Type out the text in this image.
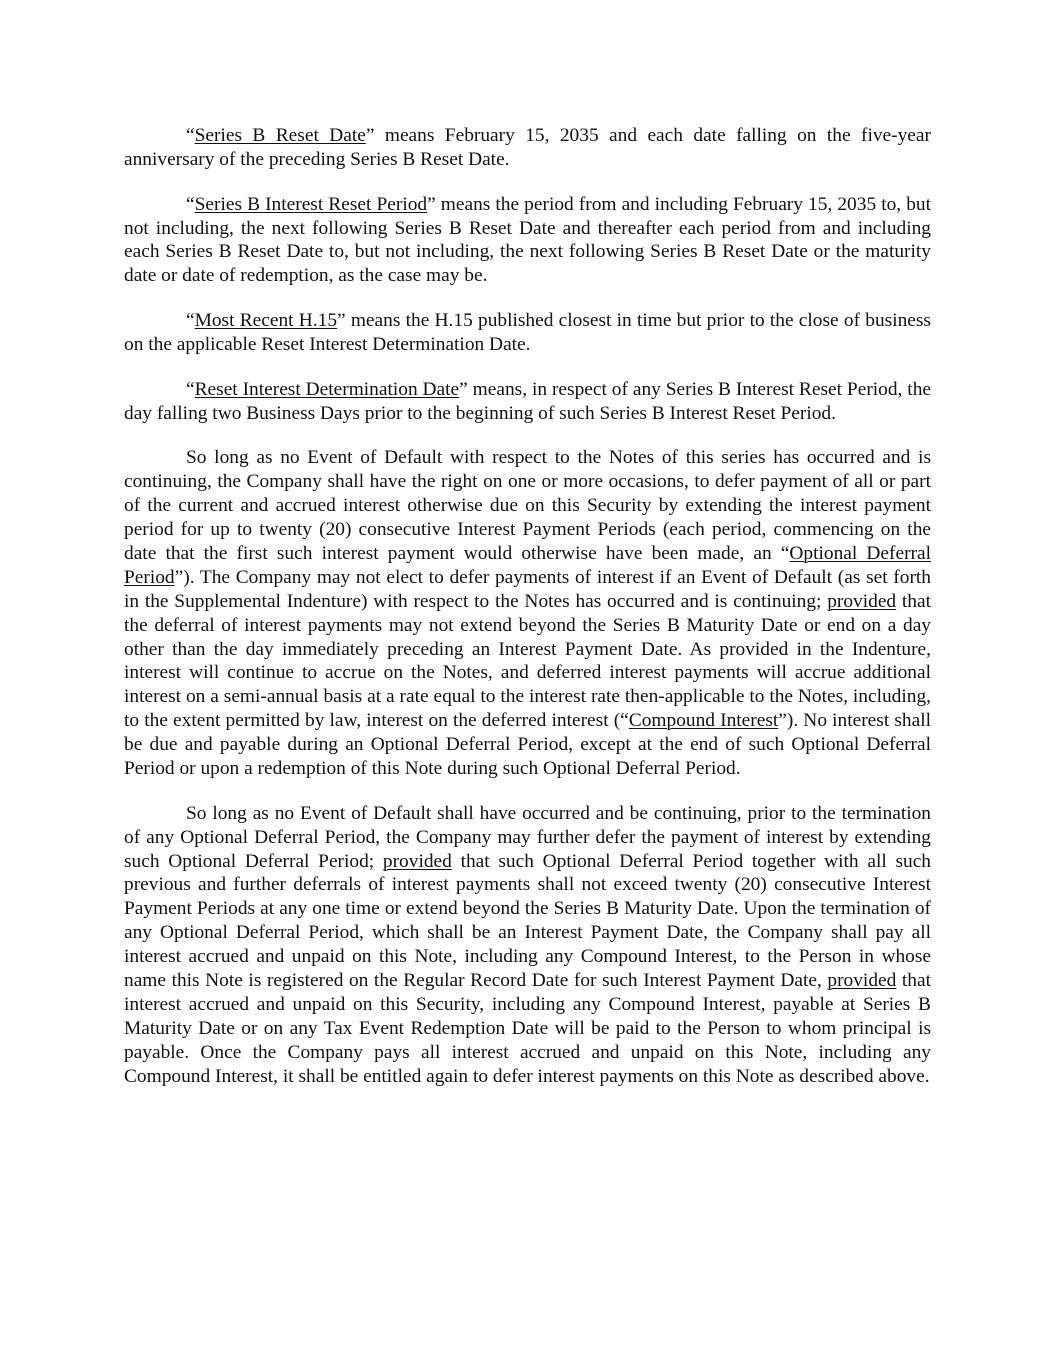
“Series B Reset Date” means February 15, 2035 and each date falling on the five-year anniversary of the preceding Series B Reset Date.

“Series B Interest Reset Period” means the period from and including February 15, 2035 to, but not including, the next following Series B Reset Date and thereafter each period from and including each Series B Reset Date to, but not including, the next following Series B Reset Date or the maturity date or date of redemption, as the case may be.

“Most Recent H.15” means the H.15 published closest in time but prior to the close of business on the applicable Reset Interest Determination Date.

“Reset Interest Determination Date” means, in respect of any Series B Interest Reset Period, the day falling two Business Days prior to the beginning of such Series B Interest Reset Period.

So long as no Event of Default with respect to the Notes of this series has occurred and is continuing, the Company shall have the right on one or more occasions, to defer payment of all or part of the current and accrued interest otherwise due on this Security by extending the interest payment period for up to twenty (20) consecutive Interest Payment Periods (each period, commencing on the date that the first such interest payment would otherwise have been made, an “Optional Deferral Period”). The Company may not elect to defer payments of interest if an Event of Default (as set forth in the Supplemental Indenture) with respect to the Notes has occurred and is continuing; provided that the deferral of interest payments may not extend beyond the Series B Maturity Date or end on a day other than the day immediately preceding an Interest Payment Date. As provided in the Indenture, interest will continue to accrue on the Notes, and deferred interest payments will accrue additional interest on a semi-annual basis at a rate equal to the interest rate then-applicable to the Notes, including, to the extent permitted by law, interest on the deferred interest (“Compound Interest”). No interest shall be due and payable during an Optional Deferral Period, except at the end of such Optional Deferral Period or upon a redemption of this Note during such Optional Deferral Period.

So long as no Event of Default shall have occurred and be continuing, prior to the termination of any Optional Deferral Period, the Company may further defer the payment of interest by extending such Optional Deferral Period; provided that such Optional Deferral Period together with all such previous and further deferrals of interest payments shall not exceed twenty (20) consecutive Interest Payment Periods at any one time or extend beyond the Series B Maturity Date. Upon the termination of any Optional Deferral Period, which shall be an Interest Payment Date, the Company shall pay all interest accrued and unpaid on this Note, including any Compound Interest, to the Person in whose name this Note is registered on the Regular Record Date for such Interest Payment Date, provided that interest accrued and unpaid on this Security, including any Compound Interest, payable at Series B Maturity Date or on any Tax Event Redemption Date will be paid to the Person to whom principal is payable. Once the Company pays all interest accrued and unpaid on this Note, including any Compound Interest, it shall be entitled again to defer interest payments on this Note as described above.
